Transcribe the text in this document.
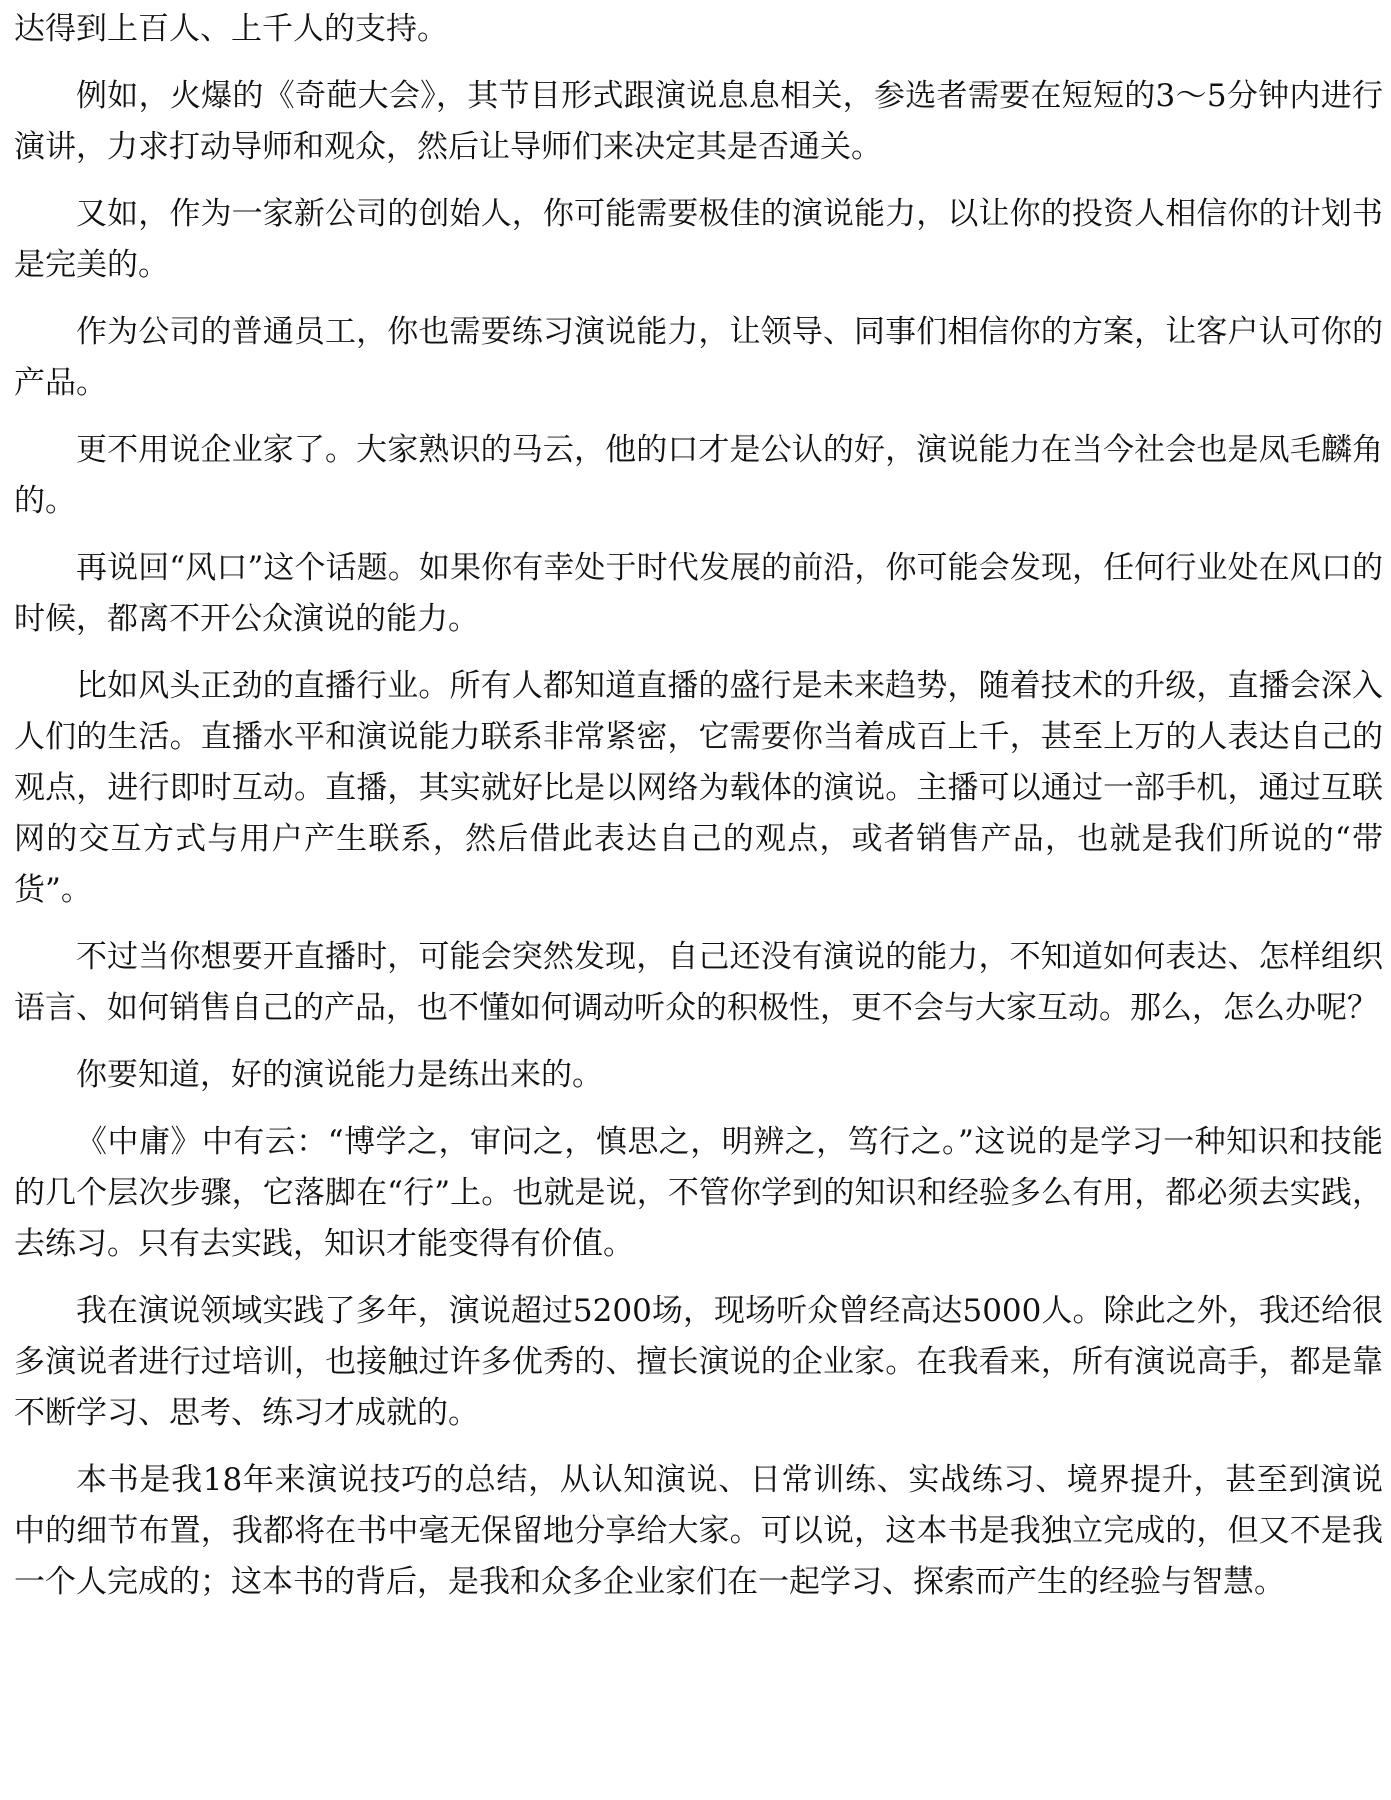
达得到上百人、上千人的支持。

例如，火爆的《奇葩大会》，其节目形式跟演说息息相关，参选者需要在短短的3～5分钟内进行演讲，力求打动导师和观众，然后让导师们来决定其是否通关。

又如，作为一家新公司的创始人，你可能需要极佳的演说能力，以让你的投资人相信你的计划书是完美的。

作为公司的普通员工，你也需要练习演说能力，让领导、同事们相信你的方案，让客户认可你的产品。

更不用说企业家了。大家熟识的马云，他的口才是公认的好，演说能力在当今社会也是凤毛麟角的。

再说回“风口”这个话题。如果你有幸处于时代发展的前沿，你可能会发现，任何行业处在风口的时候，都离不开公众演说的能力。

比如风头正劲的直播行业。所有人都知道直播的盛行是未来趋势，随着技术的升级，直播会深入人们的生活。直播水平和演说能力联系非常紧密，它需要你当着成百上千，甚至上万的人表达自己的观点，进行即时互动。直播，其实就好比是以网络为载体的演说。主播可以通过一部手机，通过互联网的交互方式与用户产生联系，然后借此表达自己的观点，或者销售产品，也就是我们所说的“带货”。

不过当你想要开直播时，可能会突然发现，自己还没有演说的能力，不知道如何表达、怎样组织语言、如何销售自己的产品，也不懂如何调动听众的积极性，更不会与大家互动。那么，怎么办呢？

你要知道，好的演说能力是练出来的。

《中庸》中有云：“博学之，审问之，慎思之，明辨之，笃行之。”这说的是学习一种知识和技能的几个层次步骤，它落脚在“行”上。也就是说，不管你学到的知识和经验多么有用，都必须去实践，去练习。只有去实践，知识才能变得有价值。

我在演说领域实践了多年，演说超过5200场，现场听众曾经高达5000人。除此之外，我还给很多演说者进行过培训，也接触过许多优秀的、擅长演说的企业家。在我看来，所有演说高手，都是靠不断学习、思考、练习才成就的。

本书是我18年来演说技巧的总结，从认知演说、日常训练、实战练习、境界提升，甚至到演说中的细节布置，我都将在书中毫无保留地分享给大家。可以说，这本书是我独立完成的，但又不是我一个人完成的；这本书的背后，是我和众多企业家们在一起学习、探索而产生的经验与智慧。
